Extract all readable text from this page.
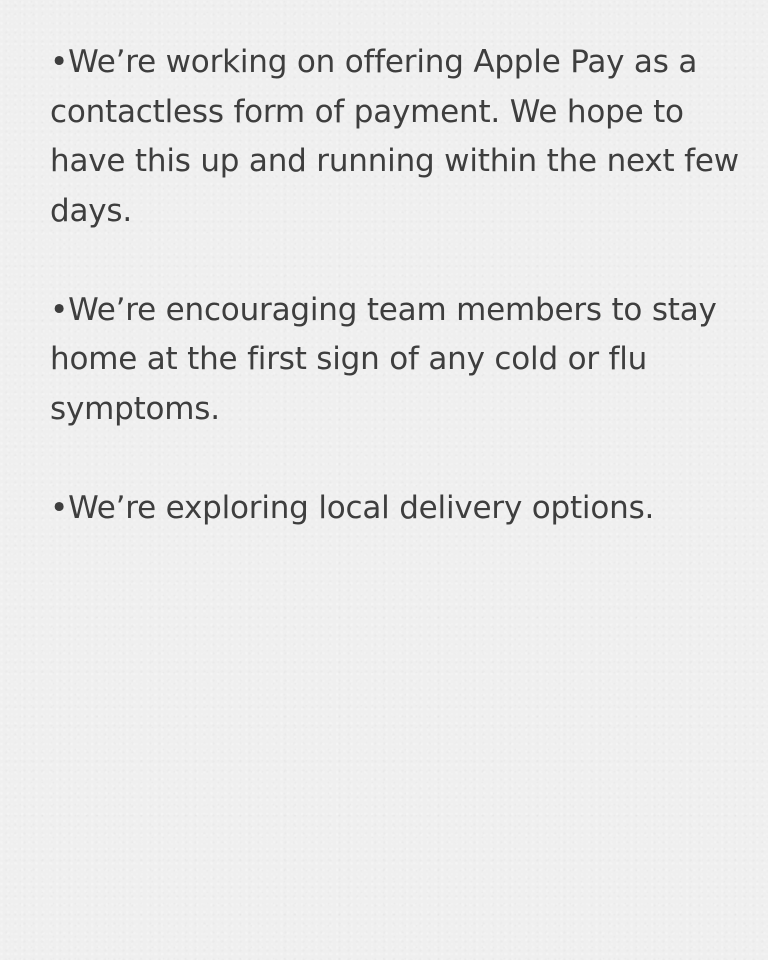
•We’re working on offering Apple Pay as a contactless form of payment. We hope to have this up and running within the next few days.

•We’re encouraging team members to stay home at the first sign of any cold or flu symptoms.

•We’re exploring local delivery options.
